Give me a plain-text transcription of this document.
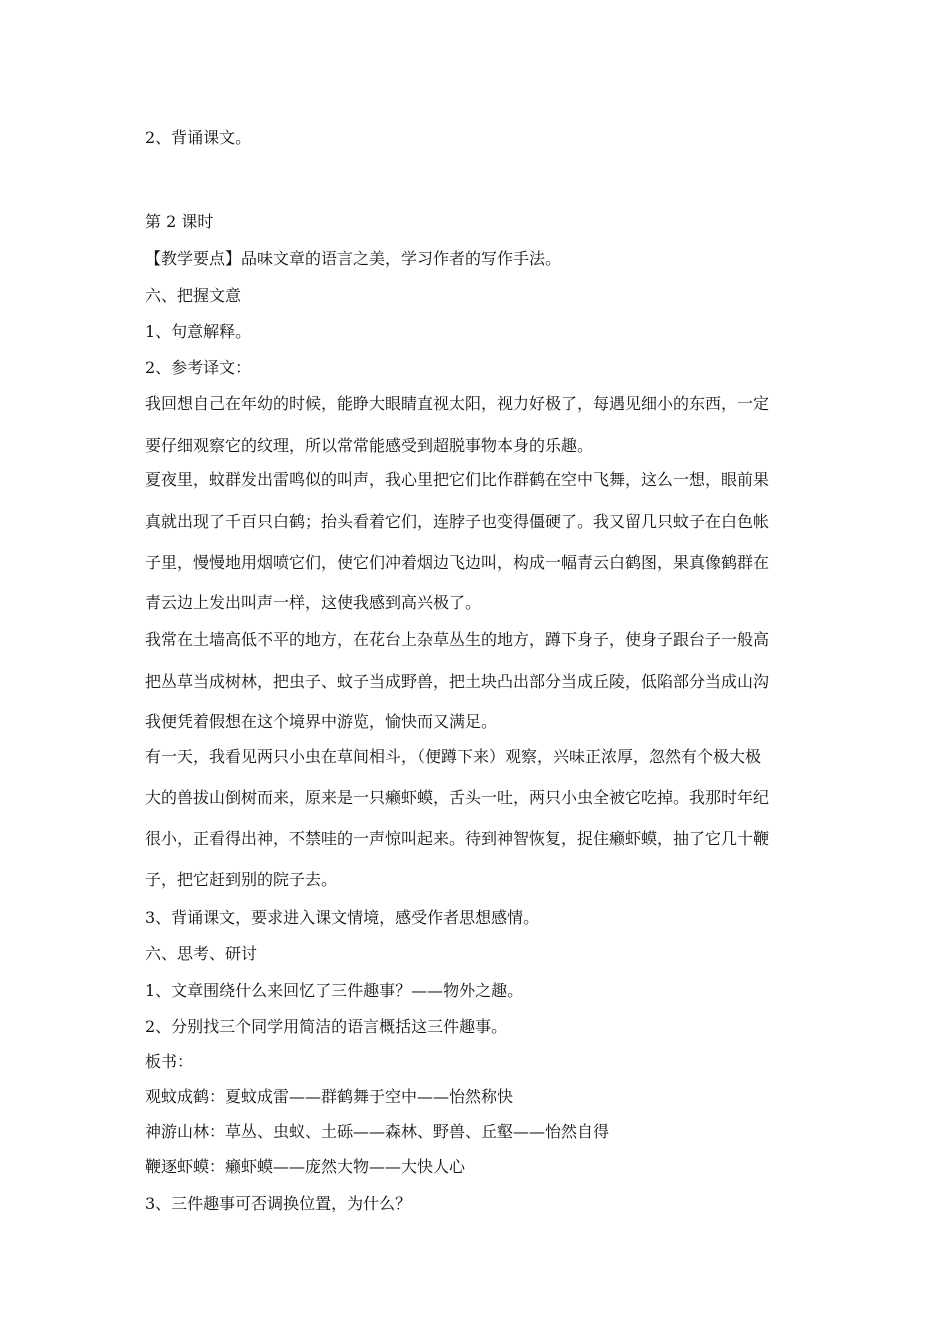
2、背诵课文。
第 2 课时
【教学要点】品味文章的语言之美，学习作者的写作手法。
六、把握文意
1、句意解释。
2、参考译文：
我回想自己在年幼的时候，能睁大眼睛直视太阳，视力好极了，每遇见细小的东西，一定
要仔细观察它的纹理，所以常常能感受到超脱事物本身的乐趣。
夏夜里，蚊群发出雷鸣似的叫声，我心里把它们比作群鹤在空中飞舞，这么一想，眼前果
真就出现了千百只白鹤；抬头看着它们，连脖子也变得僵硬了。我又留几只蚊子在白色帐
子里，慢慢地用烟喷它们，使它们冲着烟边飞边叫，构成一幅青云白鹤图，果真像鹤群在
青云边上发出叫声一样，这使我感到高兴极了。
我常在土墙高低不平的地方，在花台上杂草丛生的地方，蹲下身子，使身子跟台子一般高
把丛草当成树林，把虫子、蚊子当成野兽，把土块凸出部分当成丘陵，低陷部分当成山沟
我便凭着假想在这个境界中游览，愉快而又满足。
有一天，我看见两只小虫在草间相斗，（便蹲下来）观察，兴味正浓厚，忽然有个极大极
大的兽拔山倒树而来，原来是一只癞虾蟆，舌头一吐，两只小虫全被它吃掉。我那时年纪
很小，正看得出神，不禁哇的一声惊叫起来。待到神智恢复，捉住癞虾蟆，抽了它几十鞭
子，把它赶到别的院子去。
3、背诵课文，要求进入课文情境，感受作者思想感情。
六、思考、研讨
1、文章围绕什么来回忆了三件趣事？——物外之趣。
2、分别找三个同学用简洁的语言概括这三件趣事。
板书：
观蚊成鹤：夏蚊成雷——群鹤舞于空中——怡然称快
神游山林：草丛、虫蚁、土砾——森林、野兽、丘壑——怡然自得
鞭逐虾蟆：癞虾蟆——庞然大物——大快人心
3、三件趣事可否调换位置，为什么？
